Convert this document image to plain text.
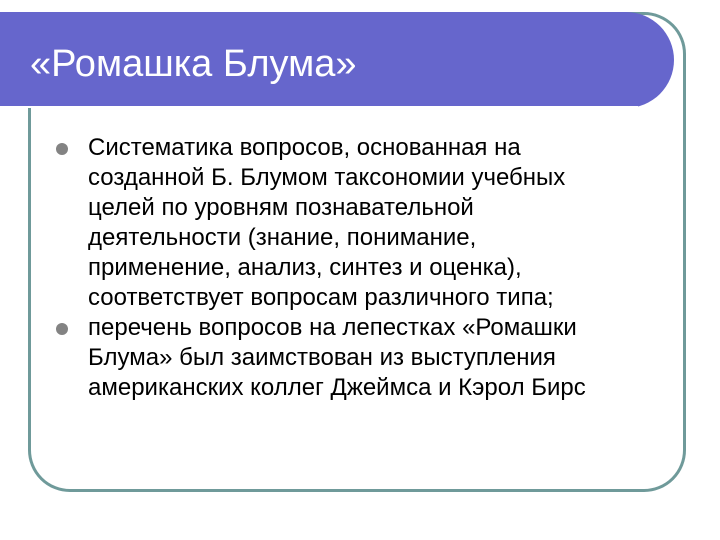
«Ромашка Блума»
Систематика вопросов, основанная на
созданной Б. Блумом таксономии учебных
целей по уровням познавательной
деятельности (знание, понимание,
применение, анализ, синтез и оценка),
соответствует вопросам различного типа;
перечень вопросов на лепестках «Ромашки
Блума» был заимствован из выступления
американских коллег Джеймса и Кэрол Бирс
